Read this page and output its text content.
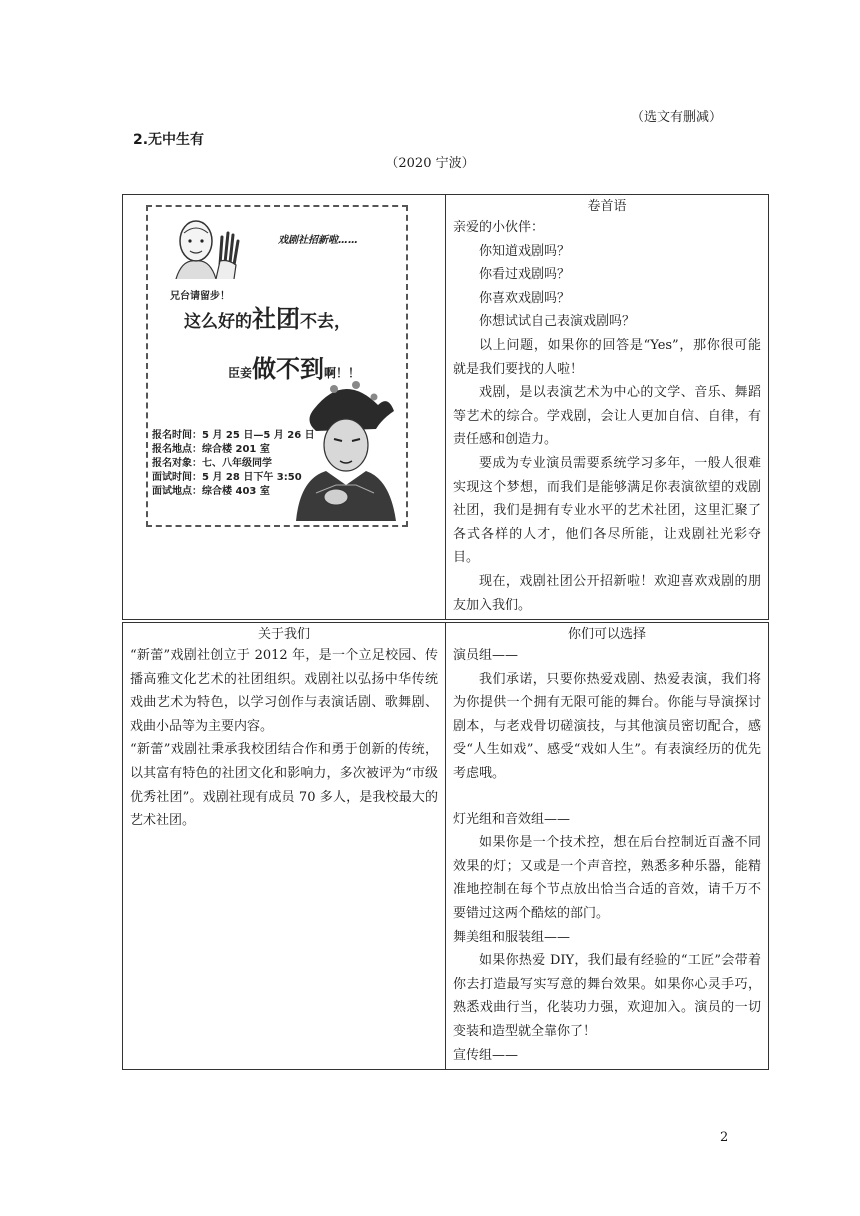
（选文有删减）
2.无中生有
（2020 宁波）
戏剧社招新啦……
兄台请留步！
这么好的社团不去，
臣妾做不到啊！！
报名时间：5 月 25 日—5 月 26 日
报名地点：综合楼 201 室
报名对象：七、八年级同学
面试时间：5 月 28 日下午 3:50
面试地点：综合楼 403 室

卷首语

亲爱的小伙伴：

你知道戏剧吗？

你看过戏剧吗？

你喜欢戏剧吗？

你想试试自己表演戏剧吗？

以上问题，如果你的回答是“Yes”，那你很可能就是我们要找的人啦！

戏剧，是以表演艺术为中心的文学、音乐、舞蹈等艺术的综合。学戏剧，会让人更加自信、自律，有责任感和创造力。

要成为专业演员需要系统学习多年，一般人很难实现这个梦想，而我们是能够满足你表演欲望的戏剧社团，我们是拥有专业水平的艺术社团，这里汇聚了各式各样的人才，他们各尽所能，让戏剧社光彩夺目。

现在，戏剧社团公开招新啦！欢迎喜欢戏剧的朋友加入我们。

关于我们

“新蕾”戏剧社创立于 2012 年，是一个立足校园、传播高雅文化艺术的社团组织。戏剧社以弘扬中华传统戏曲艺术为特色，以学习创作与表演话剧、歌舞剧、戏曲小品等为主要内容。

“新蕾”戏剧社秉承我校团结合作和勇于创新的传统，以其富有特色的社团文化和影响力，多次被评为“市级优秀社团”。戏剧社现有成员 70 多人，是我校最大的艺术社团。

你们可以选择

演员组——

我们承诺，只要你热爱戏剧、热爱表演，我们将为你提供一个拥有无限可能的舞台。你能与导演探讨剧本，与老戏骨切磋演技，与其他演员密切配合，感受“人生如戏”、感受“戏如人生”。有表演经历的优先考虑哦。

灯光组和音效组——

如果你是一个技术控，想在后台控制近百盏不同效果的灯；又或是一个声音控，熟悉多种乐器，能精准地控制在每个节点放出恰当合适的音效，请千万不要错过这两个酷炫的部门。

舞美组和服装组——

如果你热爱 DIY，我们最有经验的“工匠”会带着你去打造最写实写意的舞台效果。如果你心灵手巧，熟悉戏曲行当，化装功力强，欢迎加入。演员的一切变装和造型就全靠你了！

宣传组——

2
